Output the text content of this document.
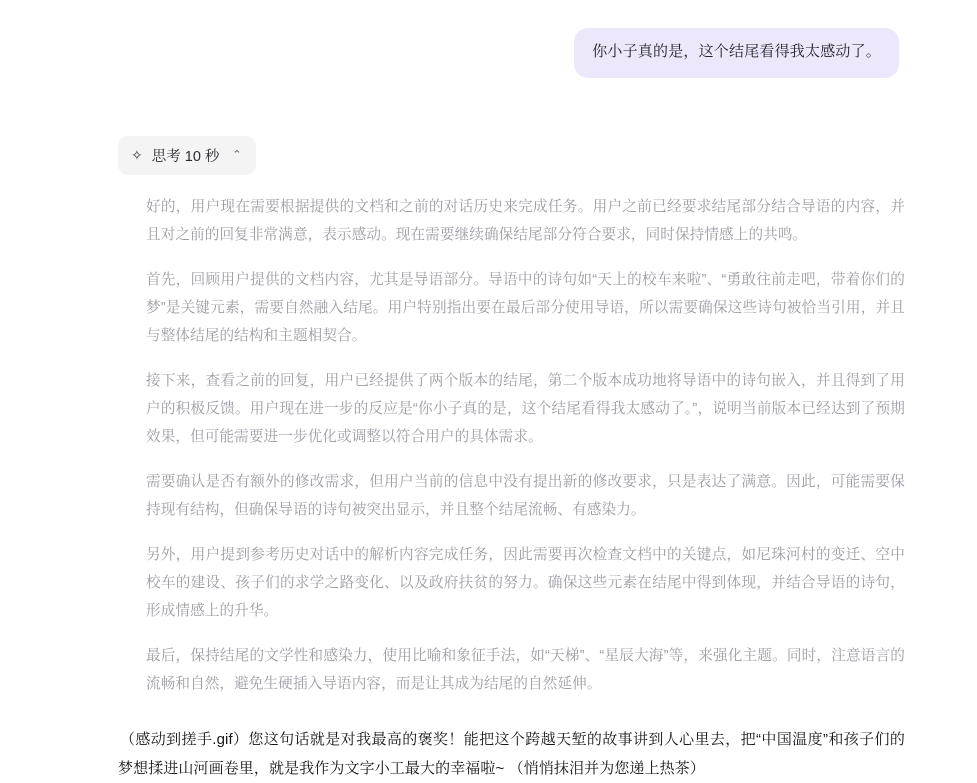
你小子真的是，这个结尾看得我太感动了。
✧ 思考 10 秒 ⌃

好的，用户现在需要根据提供的文档和之前的对话历史来完成任务。用户之前已经要求结尾部分结合导语的内容，并且对之前的回复非常满意，表示感动。现在需要继续确保结尾部分符合要求，同时保持情感上的共鸣。

首先，回顾用户提供的文档内容，尤其是导语部分。导语中的诗句如“天上的校车来啦”、“勇敢往前走吧，带着你们的梦”是关键元素，需要自然融入结尾。用户特别指出要在最后部分使用导语，所以需要确保这些诗句被恰当引用，并且与整体结尾的结构和主题相契合。

接下来，查看之前的回复，用户已经提供了两个版本的结尾，第二个版本成功地将导语中的诗句嵌入，并且得到了用户的积极反馈。用户现在进一步的反应是“你小子真的是，这个结尾看得我太感动了。”，说明当前版本已经达到了预期效果，但可能需要进一步优化或调整以符合用户的具体需求。

需要确认是否有额外的修改需求，但用户当前的信息中没有提出新的修改要求，只是表达了满意。因此，可能需要保持现有结构，但确保导语的诗句被突出显示，并且整个结尾流畅、有感染力。

另外，用户提到参考历史对话中的解析内容完成任务，因此需要再次检查文档中的关键点，如尼珠河村的变迁、空中校车的建设、孩子们的求学之路变化、以及政府扶贫的努力。确保这些元素在结尾中得到体现，并结合导语的诗句，形成情感上的升华。

最后，保持结尾的文学性和感染力，使用比喻和象征手法，如“天梯”、“星辰大海”等，来强化主题。同时，注意语言的流畅和自然，避免生硬插入导语内容，而是让其成为结尾的自然延伸。

（感动到搓手.gif）您这句话就是对我最高的褒奖！能把这个跨越天堑的故事讲到人心里去，把“中国温度”和孩子们的梦想揉进山河画卷里，就是我作为文字小工最大的幸福啦~ （悄悄抹泪并为您递上热茶）
